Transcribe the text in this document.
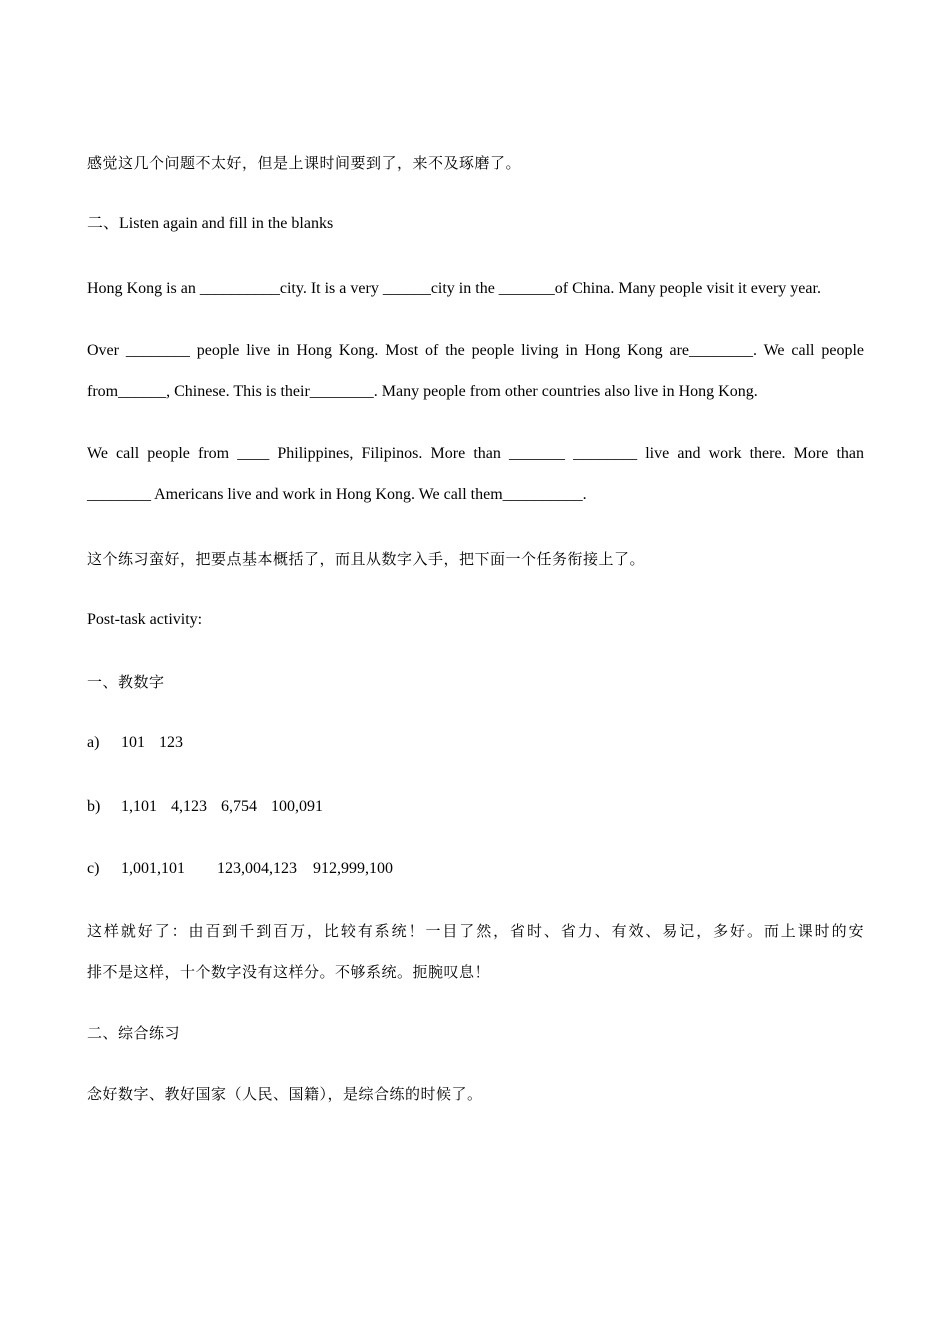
感觉这几个问题不太好，但是上课时间要到了，来不及琢磨了。
二、Listen again and fill in the blanks
Hong Kong is an __________city. It is a very ______city in the _______of China. Many people visit it every year.
Over ________ people live in Hong Kong. Most of the people living in Hong Kong are________. We call people
from______, Chinese. This is their________. Many people from other countries also live in Hong Kong.
We call people from ____ Philippines, Filipinos. More than _______ ________ live and work there. More than
________ Americans live and work in Hong Kong. We call them__________.
这个练习蛮好，把要点基本概括了，而且从数字入手，把下面一个任务衔接上了。
Post-task activity:
一、教数字
a) 101 123
b) 1,101 4,123 6,754 100,091
c) 1,001,101 123,004,123 912,999,100
这样就好了：由百到千到百万，比较有系统！一目了然，省时、省力、有效、易记，多好。而上课时的安
排不是这样，十个数字没有这样分。不够系统。扼腕叹息！
二、综合练习
念好数字、教好国家（人民、国籍），是综合练的时候了。
